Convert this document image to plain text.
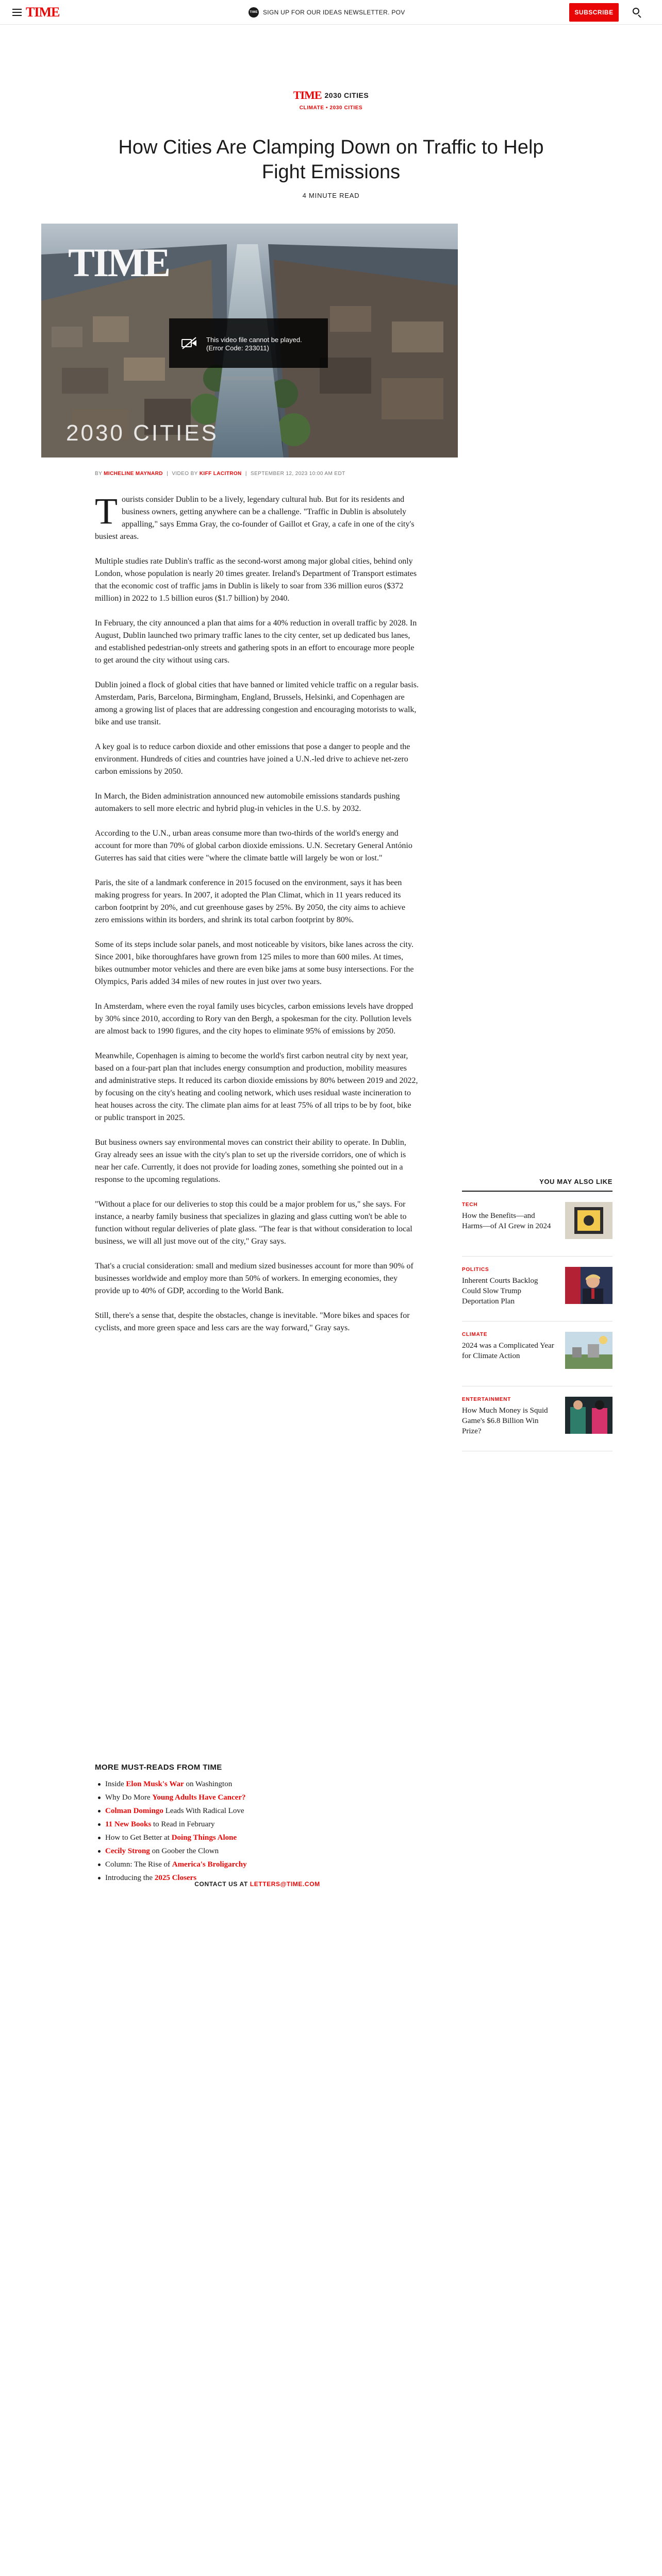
TIME	TIME SIGN UP FOR OUR IDEAS NEWSLETTER. POV	SUBSCRIBE
TIME 2030 CITIES
CLIMATE • 2030 CITIES
How Cities Are Clamping Down on Traffic to Help Fight Emissions
4 MINUTE READ
TIME
2030 CITIES
This video file cannot be played.
(Error Code: 233011)
BY MICHELINE MAYNARD | VIDEO BY KIFF LACITRON | SEPTEMBER 12, 2023 10:00 AM EDT

Tourists consider Dublin to be a lively, legendary cultural hub. But for its residents and business owners, getting anywhere can be a challenge. "Traffic in Dublin is absolutely appalling," says Emma Gray, the co-founder of Gaillot et Gray, a cafe in one of the city's busiest areas.

Multiple studies rate Dublin's traffic as the second-worst among major global cities, behind only London, whose population is nearly 20 times greater. Ireland's Department of Transport estimates that the economic cost of traffic jams in Dublin is likely to soar from 336 million euros ($372 million) in 2022 to 1.5 billion euros ($1.7 billion) by 2040.

In February, the city announced a plan that aims for a 40% reduction in overall traffic by 2028. In August, Dublin launched two primary traffic lanes to the city center, set up dedicated bus lanes, and established pedestrian-only streets and gathering spots in an effort to encourage more people to get around the city without using cars.

Dublin joined a flock of global cities that have banned or limited vehicle traffic on a regular basis. Amsterdam, Paris, Barcelona, Birmingham, England, Brussels, Helsinki, and Copenhagen are among a growing list of places that are addressing congestion and encouraging motorists to walk, bike and use transit.

A key goal is to reduce carbon dioxide and other emissions that pose a danger to people and the environment. Hundreds of cities and countries have joined a U.N.-led drive to achieve net-zero carbon emissions by 2050.

In March, the Biden administration announced new automobile emissions standards pushing automakers to sell more electric and hybrid plug-in vehicles in the U.S. by 2032.

According to the U.N., urban areas consume more than two-thirds of the world's energy and account for more than 70% of global carbon dioxide emissions. U.N. Secretary General António Guterres has said that cities were "where the climate battle will largely be won or lost."

Paris, the site of a landmark conference in 2015 focused on the environment, says it has been making progress for years. In 2007, it adopted the Plan Climat, which in 11 years reduced its carbon footprint by 20%, and cut greenhouse gases by 25%. By 2050, the city aims to achieve zero emissions within its borders, and shrink its total carbon footprint by 80%.

Some of its steps include solar panels, and most noticeable by visitors, bike lanes across the city. Since 2001, bike thoroughfares have grown from 125 miles to more than 600 miles. At times, bikes outnumber motor vehicles and there are even bike jams at some busy intersections. For the Olympics, Paris added 34 miles of new routes in just over two years.

In Amsterdam, where even the royal family uses bicycles, carbon emissions levels have dropped by 30% since 2010, according to Rory van den Bergh, a spokesman for the city. Pollution levels are almost back to 1990 figures, and the city hopes to eliminate 95% of emissions by 2050.

Meanwhile, Copenhagen is aiming to become the world's first carbon neutral city by next year, based on a four-part plan that includes energy consumption and production, mobility measures and administrative steps. It reduced its carbon dioxide emissions by 80% between 2019 and 2022, by focusing on the city's heating and cooling network, which uses residual waste incineration to heat houses across the city. The climate plan aims for at least 75% of all trips to be by foot, bike or public transport in 2025.

But business owners say environmental moves can constrict their ability to operate. In Dublin, Gray already sees an issue with the city's plan to set up the riverside corridors, one of which is near her cafe. Currently, it does not provide for loading zones, something she pointed out in a response to the upcoming regulations.

"Without a place for our deliveries to stop this could be a major problem for us," she says. For instance, a nearby family business that specializes in glazing and glass cutting won't be able to function without regular deliveries of plate glass. "The fear is that without consideration to local business, we will all just move out of the city," Gray says.

That's a crucial consideration: small and medium sized businesses account for more than 90% of businesses worldwide and employ more than 50% of workers. In emerging economies, they provide up to 40% of GDP, according to the World Bank.

Still, there's a sense that, despite the obstacles, change is inevitable. "More bikes and spaces for cyclists, and more green space and less cars are the way forward," Gray says.

MORE MUST-READS FROM TIME
Inside Elon Musk's War on Washington
Why Do More Young Adults Have Cancer?
Colman Domingo Leads With Radical Love
11 New Books to Read in February
How to Get Better at Doing Things Alone
Cecily Strong on Goober the Clown
Column: The Rise of America's Broligarchy
Introducing the 2025 Closers
CONTACT US AT LETTERS@TIME.COM
YOU MAY ALSO LIKE
TECH
How the Benefits—and Harms—of AI Grew in 2024
POLITICS
Inherent Courts Backlog Could Slow Trump Deportation Plan
CLIMATE
2024 was a Complicated Year for Climate Action
ENTERTAINMENT
How Much Money is Squid Game's $6.8 Billion Win Prize?
